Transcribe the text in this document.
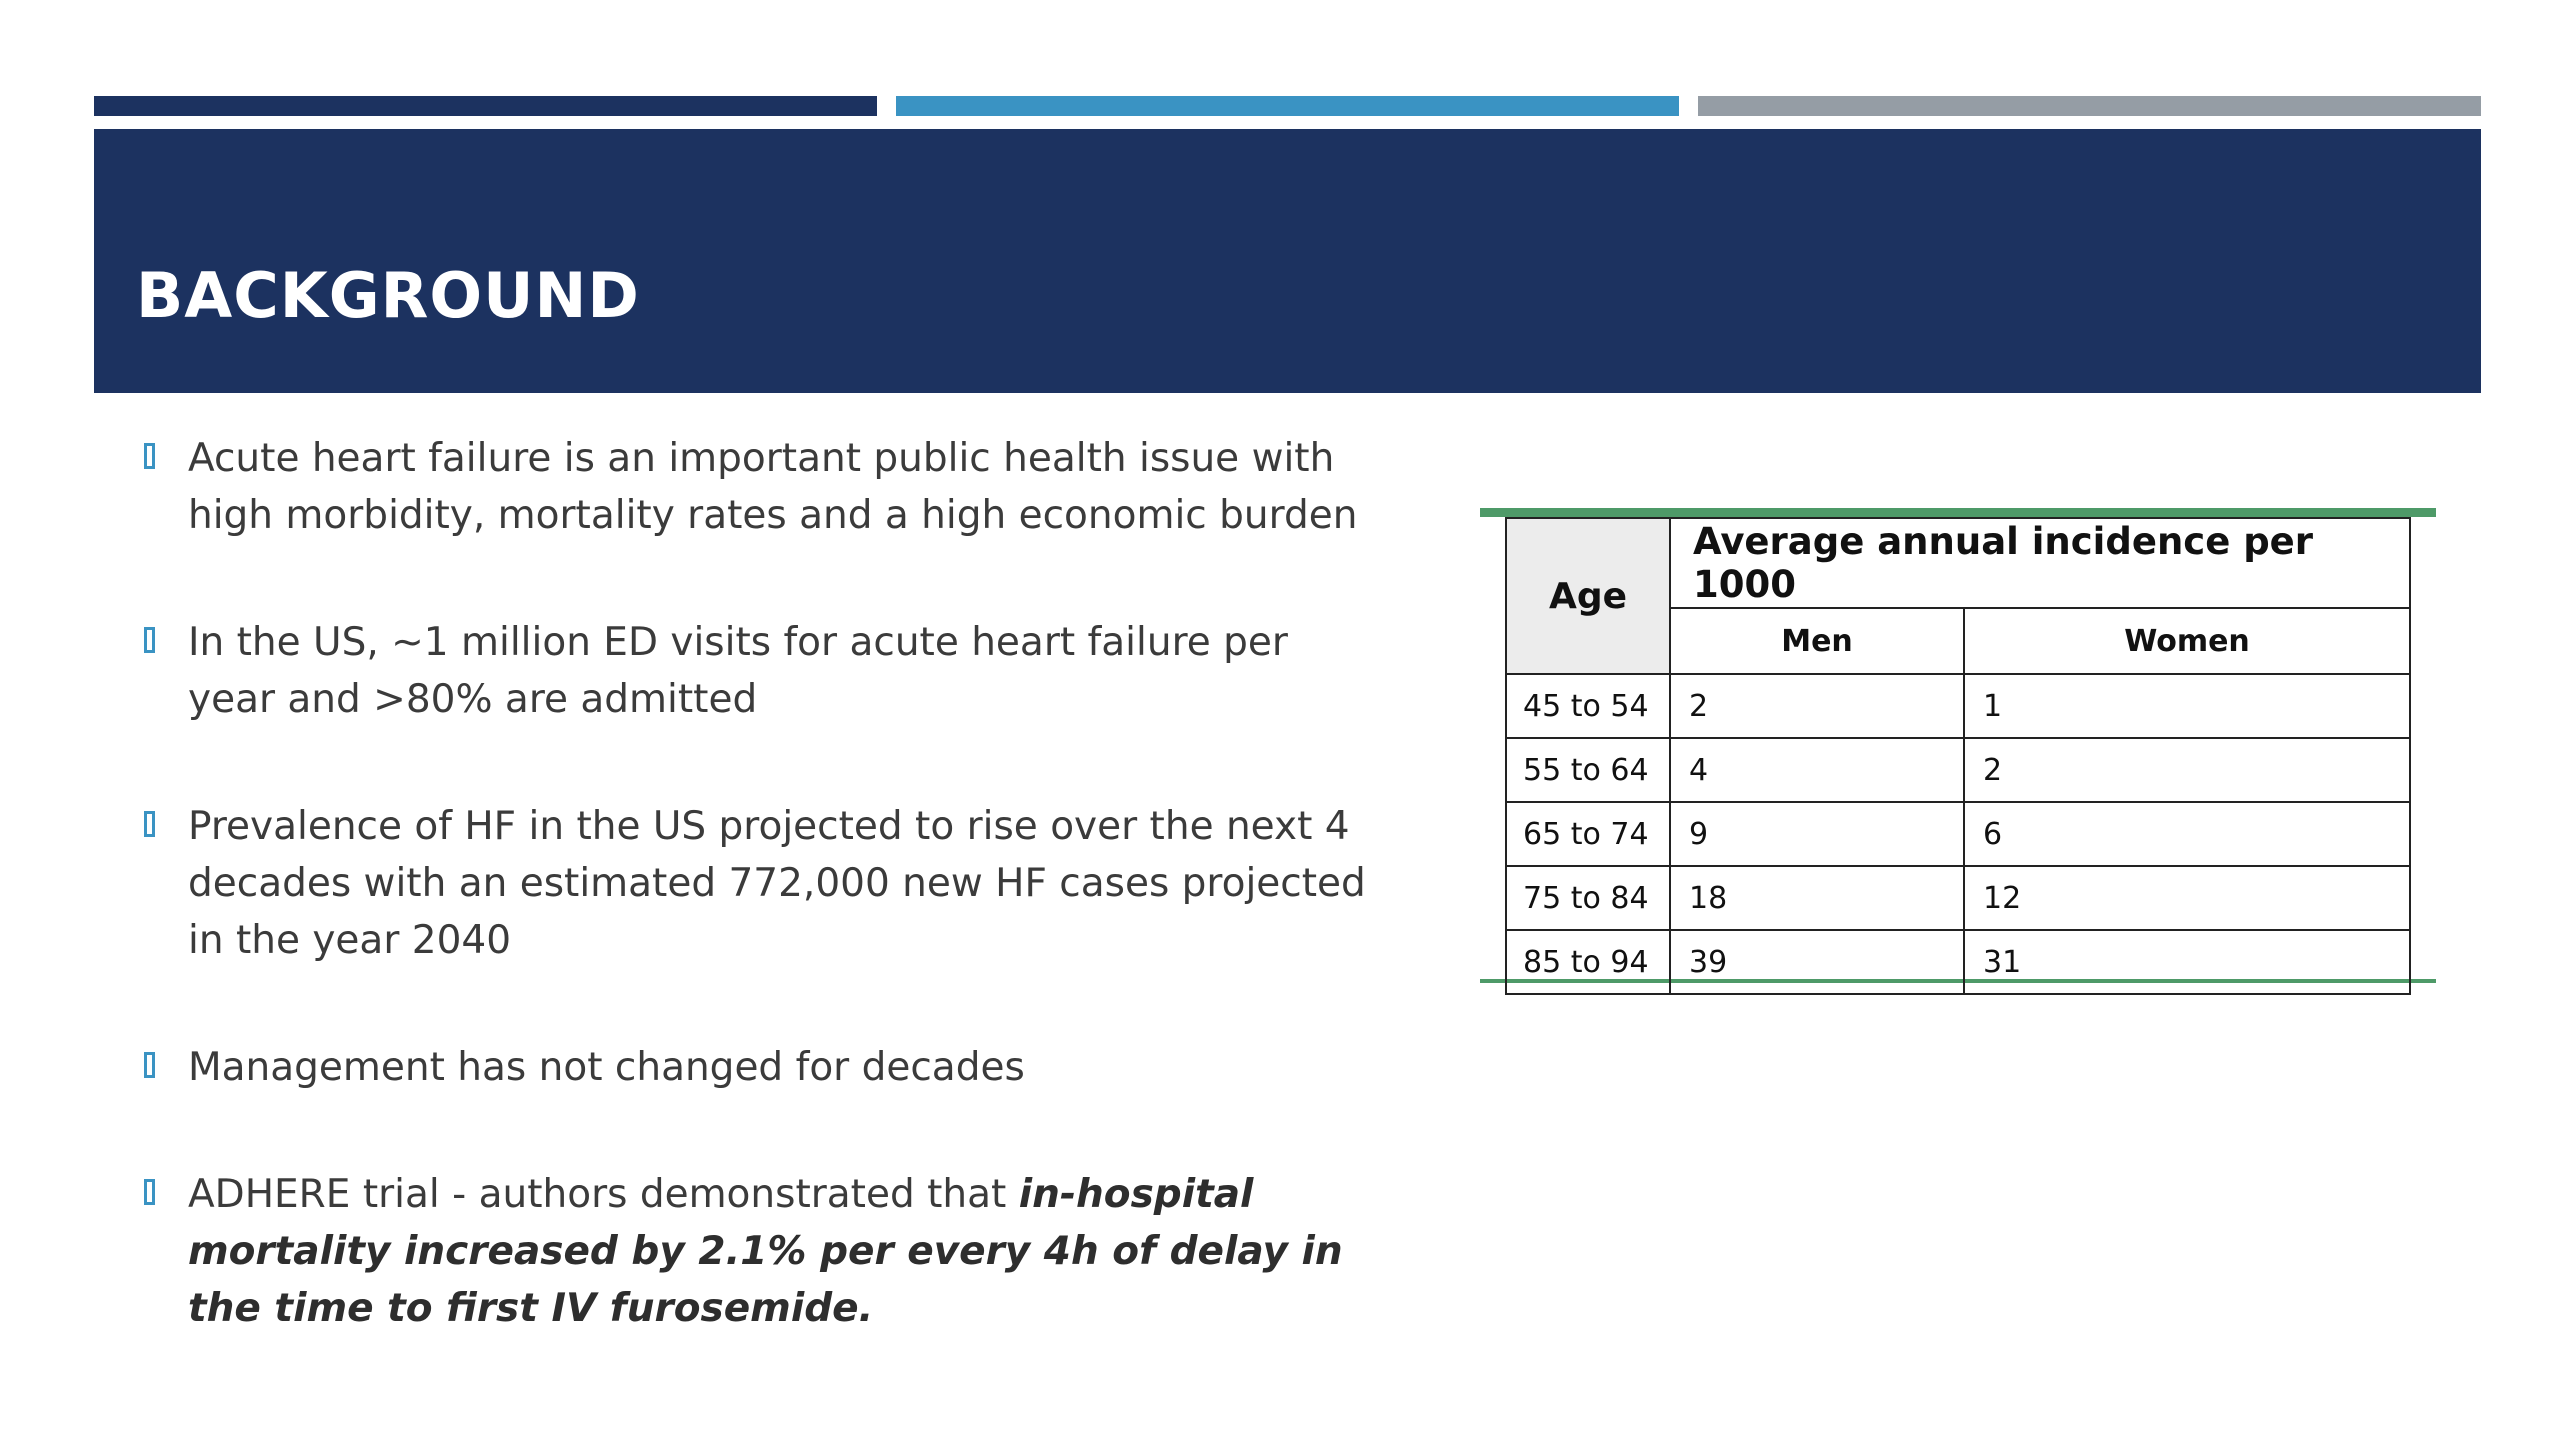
BACKGROUND
Acute heart failure is an important public health issue with high morbidity, mortality rates and a high economic burden
In the US, ~1 million ED visits for acute heart failure per year and >80% are admitted
Prevalence of HF in the US projected to rise over the next 4 decades with an estimated 772,000 new HF cases projected in the year 2040
Management has not changed for decades
ADHERE trial - authors demonstrated that in-hospital mortality increased by 2.1% per every 4h of delay in the time to first IV furosemide.
Age	Average annual incidence per 1000	
	Men	Women
45 to 54	2	1
55 to 64	4	2
65 to 74	9	6
75 to 84	18	12
85 to 94	39	31
